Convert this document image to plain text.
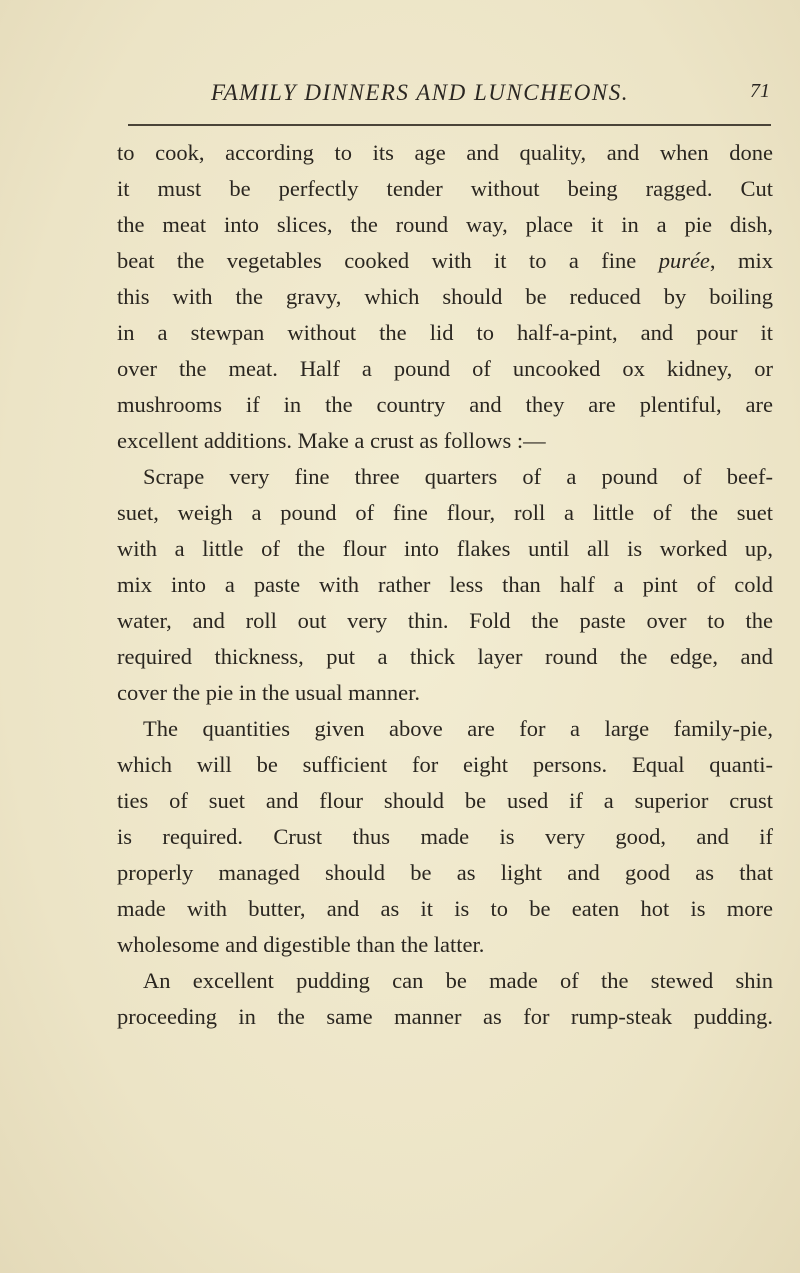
FAMILY DINNERS AND LUNCHEONS.	71
to cook, according to its age and quality, and when done
it must be perfectly tender without being ragged. Cut
the meat into slices, the round way, place it in a pie dish,
beat the vegetables cooked with it to a fine purée, mix
this with the gravy, which should be reduced by boiling
in a stewpan without the lid to half-a-pint, and pour it
over the meat. Half a pound of uncooked ox kidney, or
mushrooms if in the country and they are plentiful, are
excellent additions. Make a crust as follows :—
Scrape very fine three quarters of a pound of beef-
suet, weigh a pound of fine flour, roll a little of the suet
with a little of the flour into flakes until all is worked up,
mix into a paste with rather less than half a pint of cold
water, and roll out very thin. Fold the paste over to the
required thickness, put a thick layer round the edge, and
cover the pie in the usual manner.
The quantities given above are for a large family-pie,
which will be sufficient for eight persons. Equal quanti-
ties of suet and flour should be used if a superior crust
is required. Crust thus made is very good, and if
properly managed should be as light and good as that
made with butter, and as it is to be eaten hot is more
wholesome and digestible than the latter.
An excellent pudding can be made of the stewed shin
proceeding in the same manner as for rump-steak pudding.
